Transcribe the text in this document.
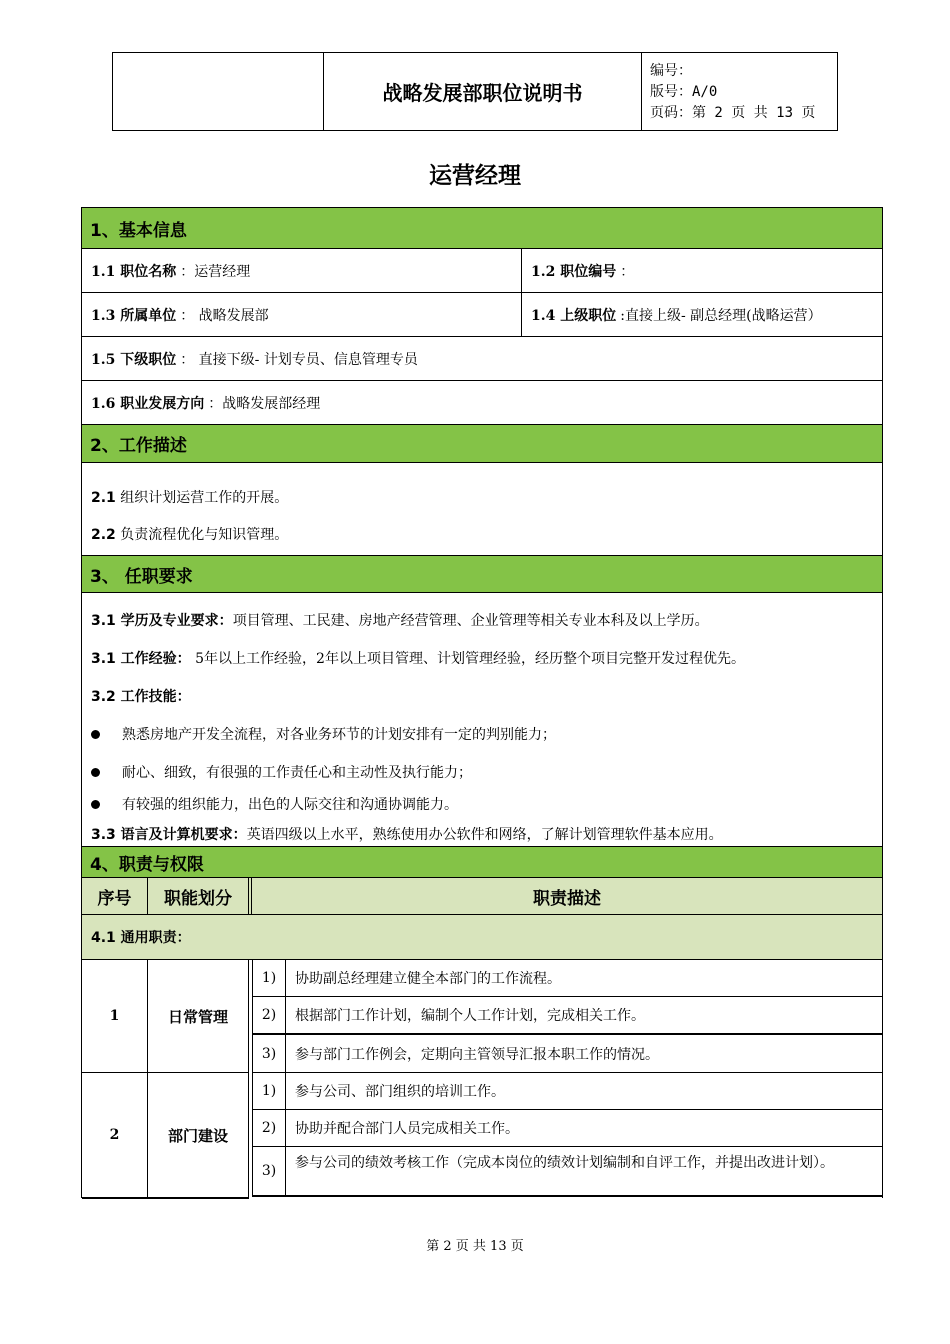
战略发展部职位说明书
编号：
版号：A/0
页码：第 2 页 共 13 页
运营经理
1、基本信息
1.1 职位名称 ：运营经理	1.2 职位编号 ：
1.3 所属单位 ： 战略发展部	1.4 上级职位 :直接上级- 副总经理(战略运营）
1.5 下级职位 ： 直接下级- 计划专员、信息管理专员
1.6 职业发展方向 ：战略发展部经理
2、工作描述
2.1 组织计划运营工作的开展。
2.2 负责流程优化与知识管理。
3、 任职要求
3.1 学历及专业要求：项目管理、工民建、房地产经营管理、企业管理等相关专业本科及以上学历。
3.1 工作经验： 5年以上工作经验，2年以上项目管理、计划管理经验，经历整个项目完整开发过程优先。
3.2 工作技能：
熟悉房地产开发全流程，对各业务环节的计划安排有一定的判别能力；
耐心、细致，有很强的工作责任心和主动性及执行能力；
有较强的组织能力，出色的人际交往和沟通协调能力。
3.3 语言及计算机要求：英语四级以上水平，熟练使用办公软件和网络，了解计划管理软件基本应用。
4、职责与权限
序号	职能划分	职责描述
4.1 通用职责：
1	日常管理
1)	协助副总经理建立健全本部门的工作流程。
2)	根据部门工作计划，编制个人工作计划，完成相关工作。
3)	参与部门工作例会，定期向主管领导汇报本职工作的情况。
2	部门建设
1)	参与公司、部门组织的培训工作。
2)	协助并配合部门人员完成相关工作。
3)	参与公司的绩效考核工作（完成本岗位的绩效计划编制和自评工作，并提出改进计划）。
第 2 页 共 13 页
